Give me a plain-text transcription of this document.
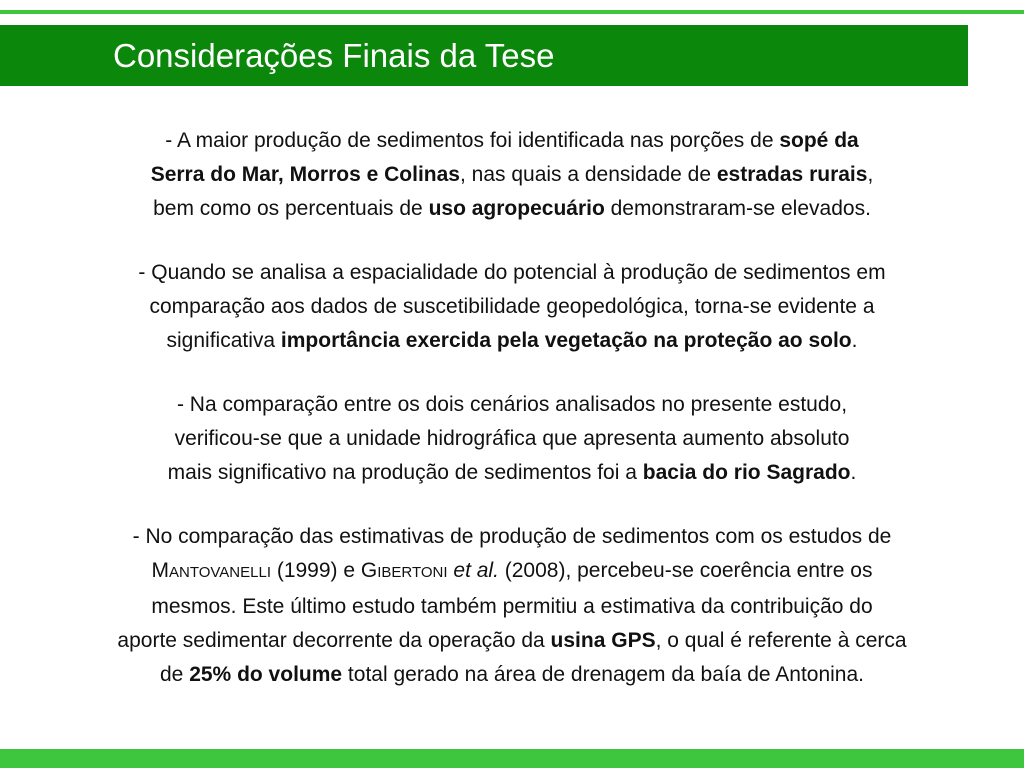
Considerações Finais da Tese

- A maior produção de sedimentos foi identificada nas porções de sopé da
Serra do Mar, Morros e Colinas, nas quais a densidade de estradas rurais,
bem como os percentuais de uso agropecuário demonstraram-se elevados.

- Quando se analisa a espacialidade do potencial à produção de sedimentos em
comparação aos dados de suscetibilidade geopedológica, torna-se evidente a
significativa importância exercida pela vegetação na proteção ao solo.

- Na comparação entre os dois cenários analisados no presente estudo,
verificou-se que a unidade hidrográfica que apresenta aumento absoluto
mais significativo na produção de sedimentos foi a bacia do rio Sagrado.

- No comparação das estimativas de produção de sedimentos com os estudos de
MANTOVANELLI (1999) e GIBERTONI et al. (2008), percebeu-se coerência entre os
mesmos. Este último estudo também permitiu a estimativa da contribuição do
aporte sedimentar decorrente da operação da usina GPS, o qual é referente à cerca
de 25% do volume total gerado na área de drenagem da baía de Antonina.
